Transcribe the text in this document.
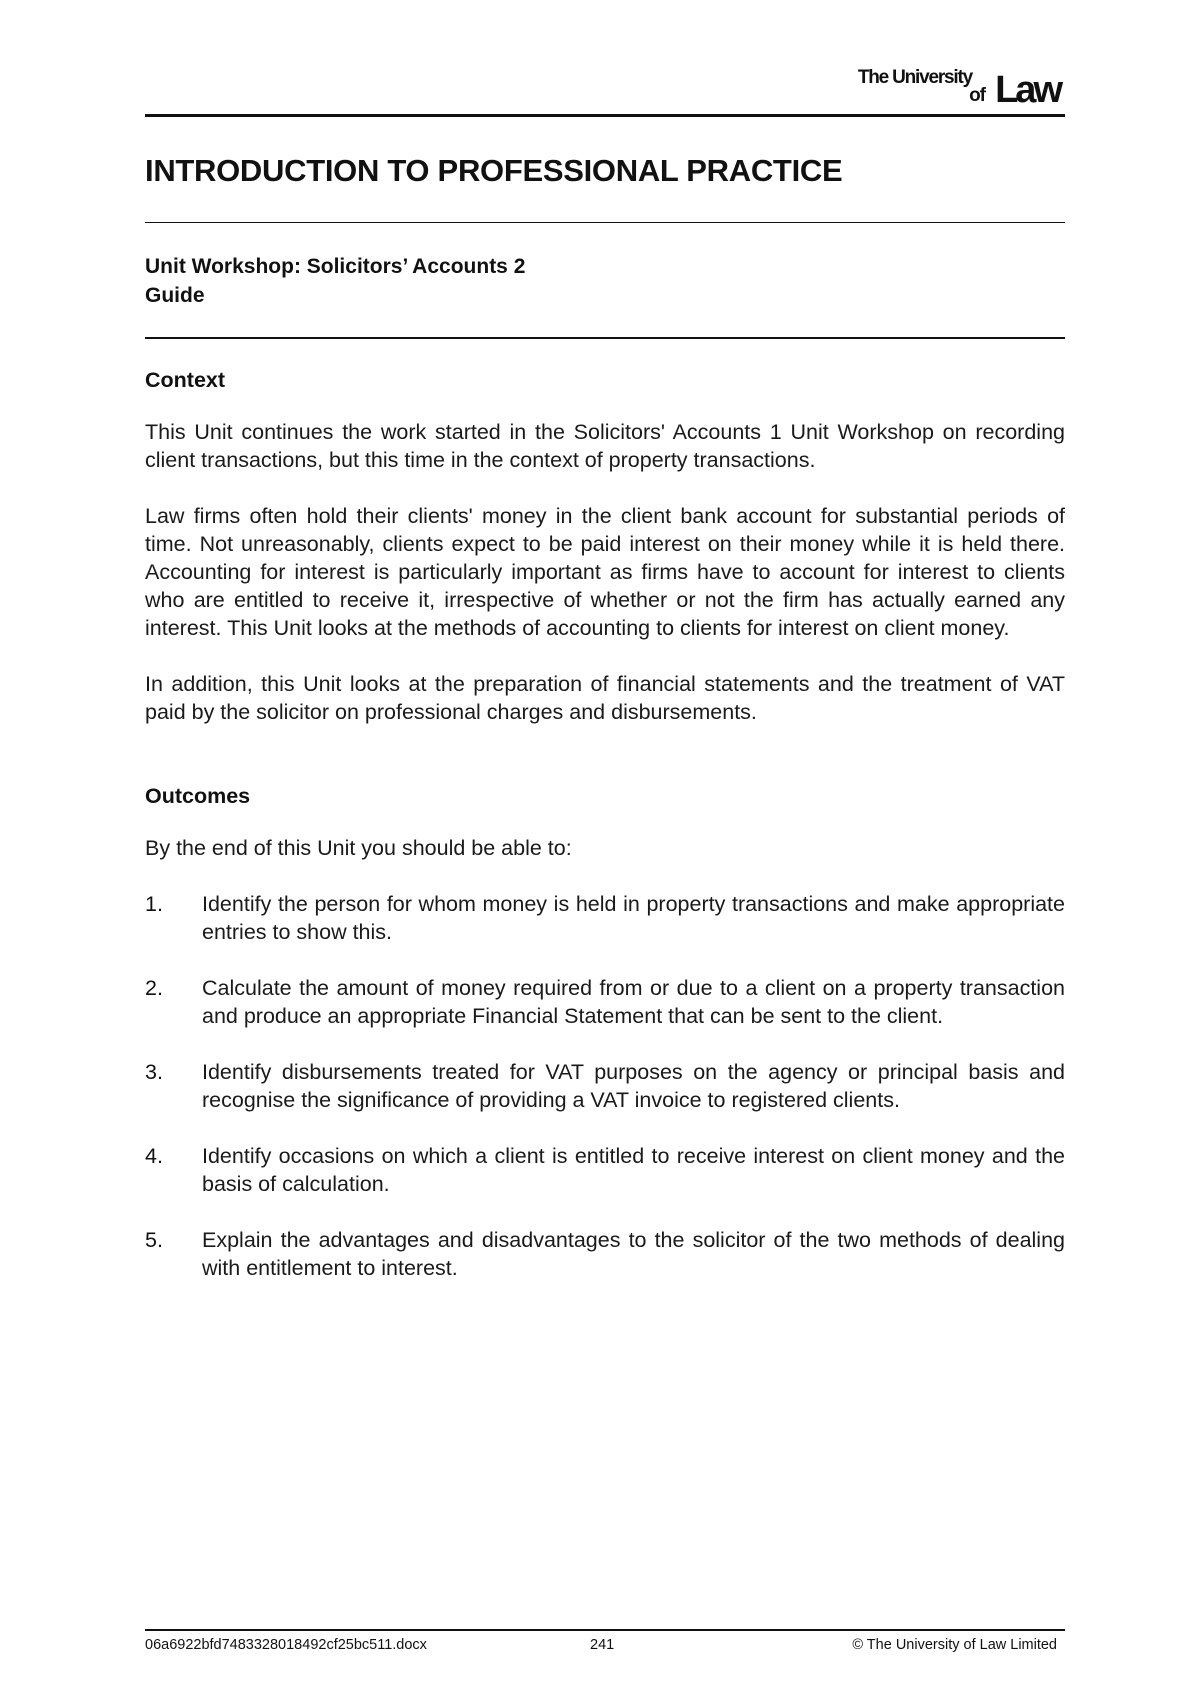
The University
of Law
INTRODUCTION TO PROFESSIONAL PRACTICE
Unit Workshop: Solicitors’ Accounts 2
Guide
Context

This Unit continues the work started in the Solicitors' Accounts 1 Unit Workshop on recording client transactions, but this time in the context of property transactions.

Law firms often hold their clients' money in the client bank account for substantial periods of time. Not unreasonably, clients expect to be paid interest on their money while it is held there. Accounting for interest is particularly important as firms have to account for interest to clients who are entitled to receive it, irrespective of whether or not the firm has actually earned any interest. This Unit looks at the methods of accounting to clients for interest on client money.

In addition, this Unit looks at the preparation of financial statements and the treatment of VAT paid by the solicitor on professional charges and disbursements.

Outcomes

By the end of this Unit you should be able to:

1.	Identify the person for whom money is held in property transactions and make appropriate entries to show this.
2.	Calculate the amount of money required from or due to a client on a property transaction and produce an appropriate Financial Statement that can be sent to the client.
3.	Identify disbursements treated for VAT purposes on the agency or principal basis and recognise the significance of providing a VAT invoice to registered clients.
4.	Identify occasions on which a client is entitled to receive interest on client money and the basis of calculation.
5.	Explain the advantages and disadvantages to the solicitor of the two methods of dealing with entitlement to interest.
06a6922bfd7483328018492cf25bc511.docx	241	© The University of Law Limited
